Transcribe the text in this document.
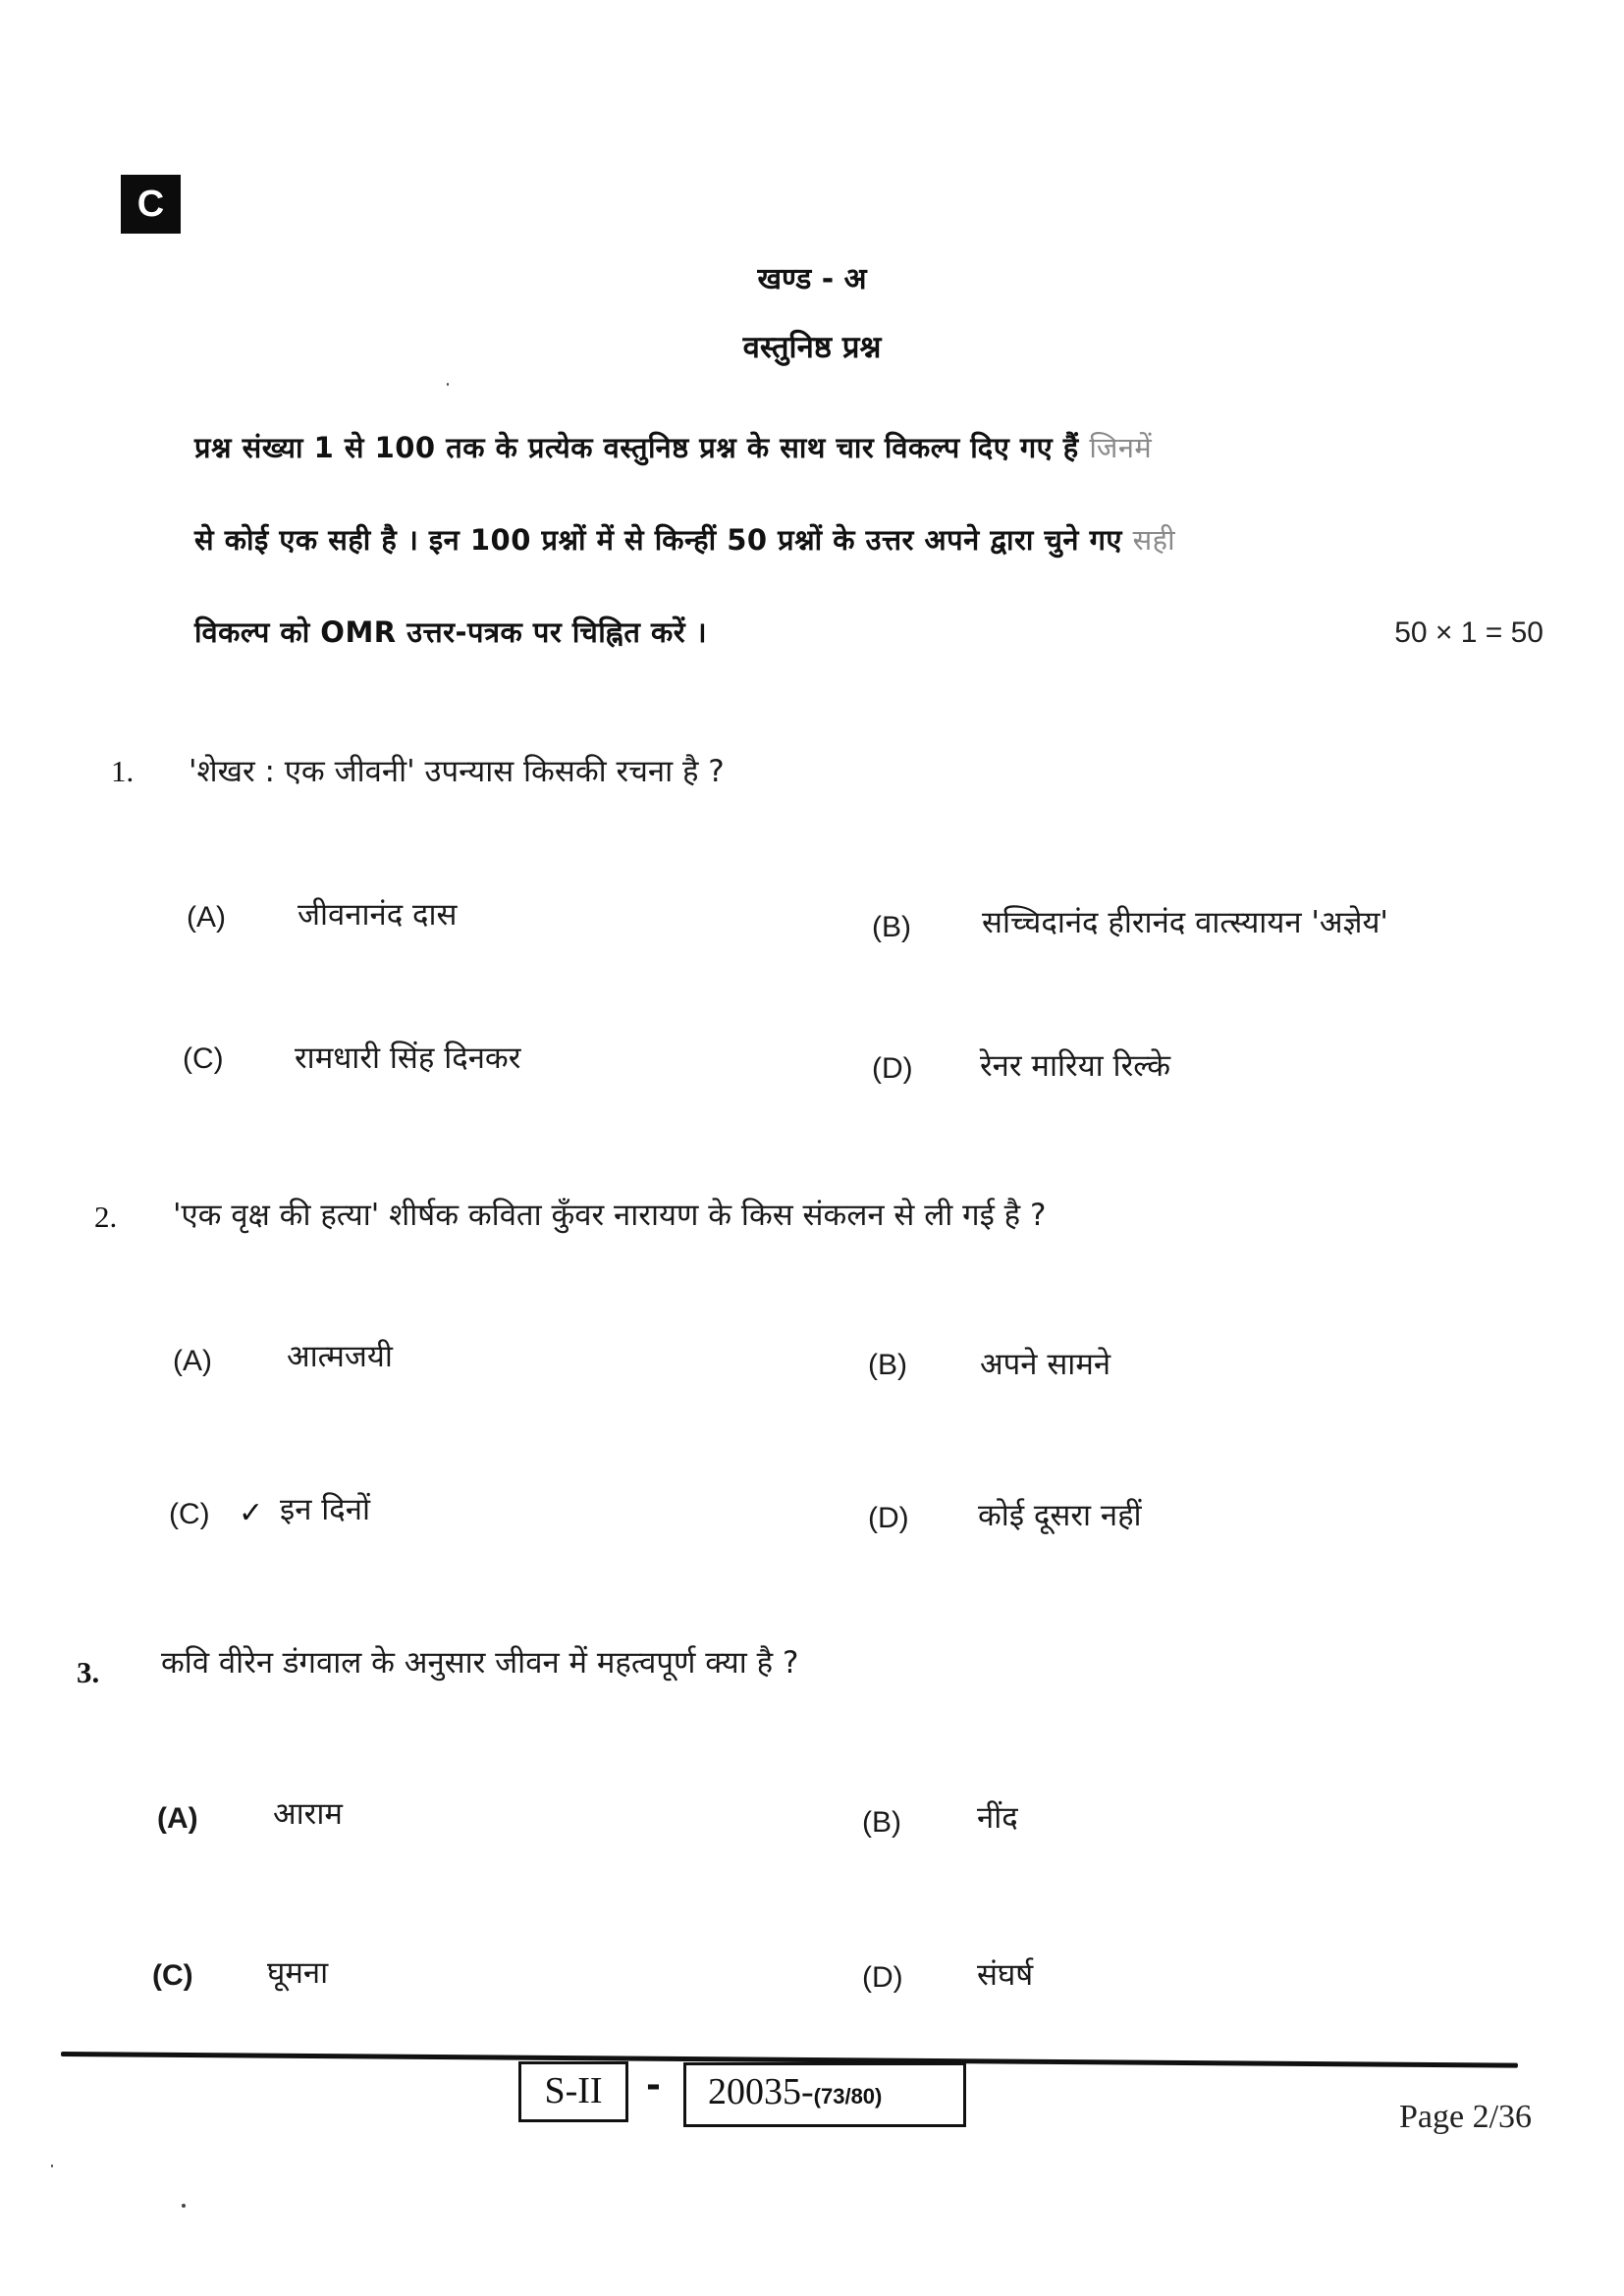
C
खण्ड - अ
वस्तुनिष्ठ प्रश्न
प्रश्न संख्या 1 से 100 तक के प्रत्येक वस्तुनिष्ठ प्रश्न के साथ चार विकल्प दिए गए हैं जिनमें
से कोई एक सही है । इन 100 प्रश्नों में से किन्हीं 50 प्रश्नों के उत्तर अपने द्वारा चुने गए सही
विकल्प को OMR उत्तर-पत्रक पर चिह्नित करें ।	50 × 1 = 50
1. 'शेखर : एक जीवनी' उपन्यास किसकी रचना है ?
(A) जीवनानंद दास	(B) सच्चिदानंद हीरानंद वात्स्यायन 'अज्ञेय'
(C) रामधारी सिंह दिनकर	(D) रेनर मारिया रिल्के
2. 'एक वृक्ष की हत्या' शीर्षक कविता कुँवर नारायण के किस संकलन से ली गई है ?
(A) आत्मजयी	(B) अपने सामने
(C) ✓ इन दिनों	(D) कोई दूसरा नहीं
3. कवि वीरेन डंगवाल के अनुसार जीवन में महत्वपूर्ण क्या है ?
(A) आराम	(B) नींद
(C) घूमना	(D) संघर्ष
S-II	-	20035-(73/80)
Page 2/36
